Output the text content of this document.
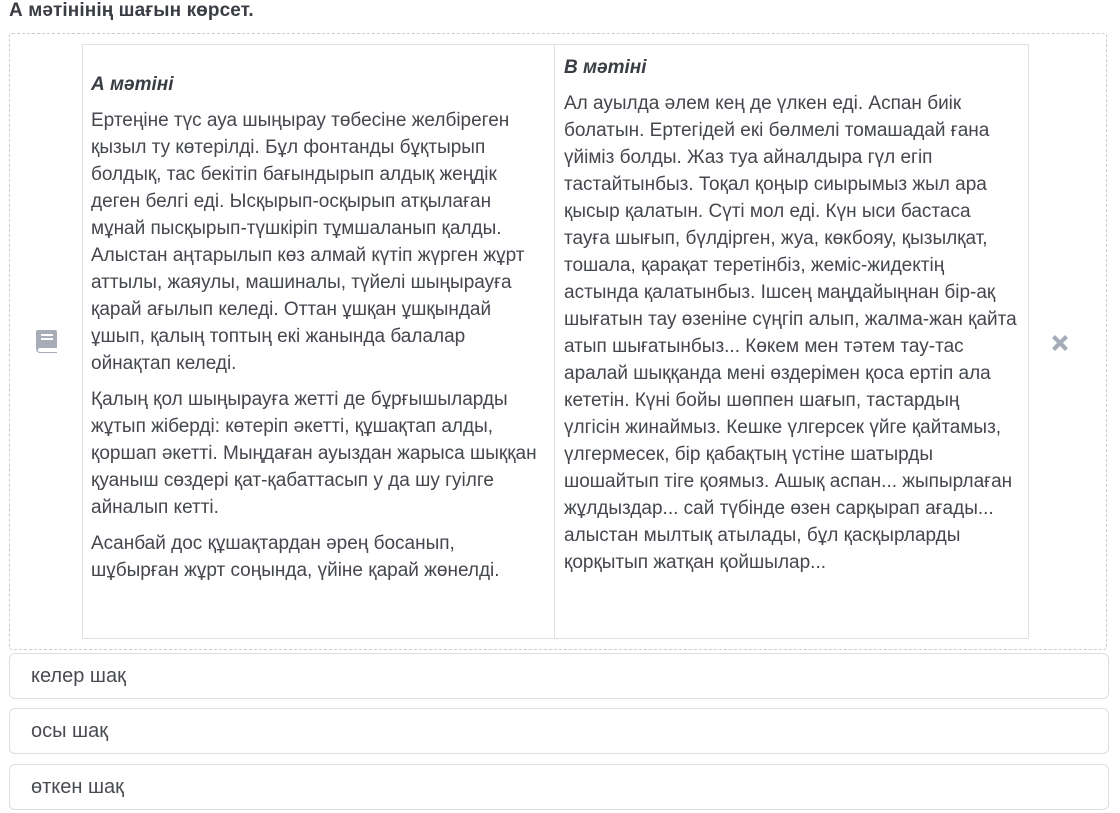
А мәтінінің шағын көрсет.
А мәтіні

Ертеңіне түс ауа шыңырау төбесіне желбіреген қызыл ту көтерілді. Бұл фонтанды бұқтырып болдық, тас бекітіп бағындырып алдық жеңдік деген белгі еді. Ысқырып-осқырып атқылаған мұнай пысқырып-түшкіріп тұмшаланып қалды. Алыстан аңтарылып көз алмай күтіп жүрген жұрт аттылы, жаяулы, машиналы, түйелі шыңырауға қарай ағылып келеді. Оттан ұшқан ұшқындай ұшып, қалың топтың екі жанында балалар ойнақтап келеді.

Қалың қол шыңырауға жетті де бұрғышыларды жұтып жіберді: көтеріп әкетті, құшақтап алды, қоршап әкетті. Мыңдаған ауыздан жарыса шыққан қуаныш сөздері қат-қабаттасып у да шу гуілге айналып кетті.

Асанбай дос құшақтардан әрең босанып, шұбырған жұрт соңында, үйіне қарай жөнелді.

В мәтіні

Ал ауылда әлем кең де үлкен еді. Аспан биік болатын. Ертегідей екі бөлмелі томашадай ғана үйіміз болды. Жаз туа айналдыра гүл егіп тастайтынбыз. Тоқал қоңыр сиырымыз жыл ара қысыр қалатын. Сүті мол еді. Күн ыси бастаса тауға шығып, бүлдірген, жуа, көкбояу, қызылқат, тошала, қарақат теретінбіз, жеміс-жидектің астында қалатынбыз. Ішсең маңдайыңнан бір-ақ шығатын тау өзеніне сүңгіп алып, жалма-жан қайта атып шығатынбыз... Көкем мен тәтем тау-тас аралай шыққанда мені өздерімен қоса ертіп ала кететін. Күні бойы шөппен шағып, тастардың үлгісін жинаймыз. Кешке үлгерсек үйге қайтамыз, үлгермесек, бір қабақтың үстіне шатырды шошайтып тіге қоямыз. Ашық аспан... жыпырлаған жұлдыздар... сай түбінде өзен сарқырап ағады... алыстан мылтық атылады, бұл қасқырларды қорқытып жатқан қойшылар...

келер шақ
осы шақ
өткен шақ
